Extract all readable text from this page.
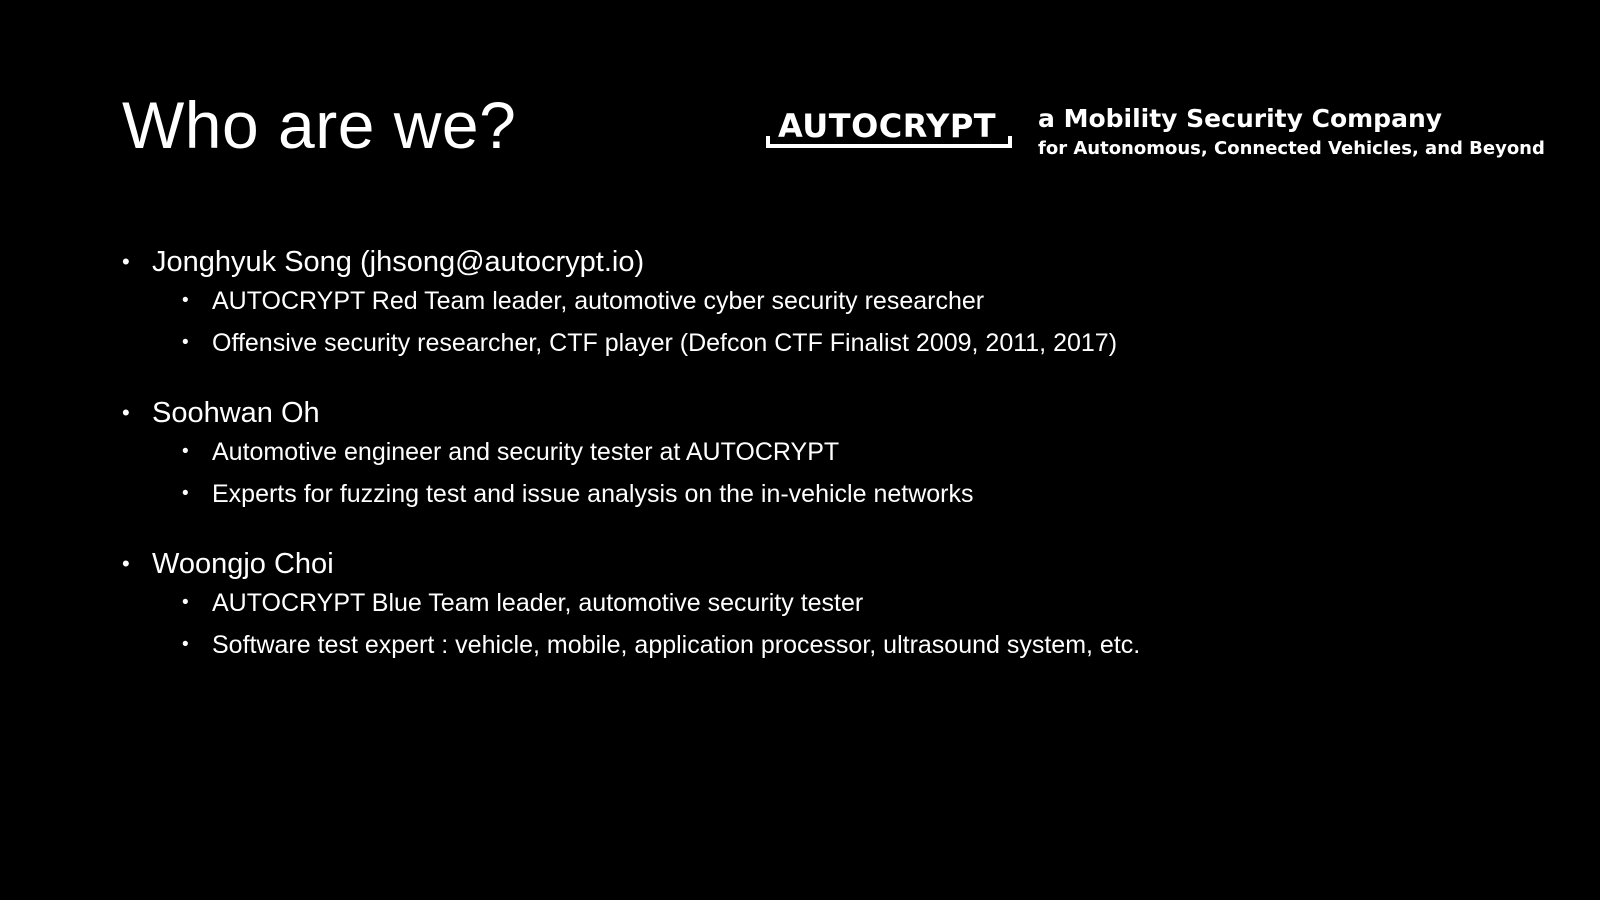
Who are we?	AUTOCRYPT	a Mobility Security Company
for Autonomous, Connected Vehicles, and Beyond
• Jonghyuk Song (jhsong@autocrypt.io)
• AUTOCRYPT Red Team leader, automotive cyber security researcher
• Offensive security researcher, CTF player (Defcon CTF Finalist 2009, 2011, 2017)
• Soohwan Oh
• Automotive engineer and security tester at AUTOCRYPT
• Experts for fuzzing test and issue analysis on the in-vehicle networks
• Woongjo Choi
• AUTOCRYPT Blue Team leader, automotive security tester
• Software test expert : vehicle, mobile, application processor, ultrasound system, etc.
